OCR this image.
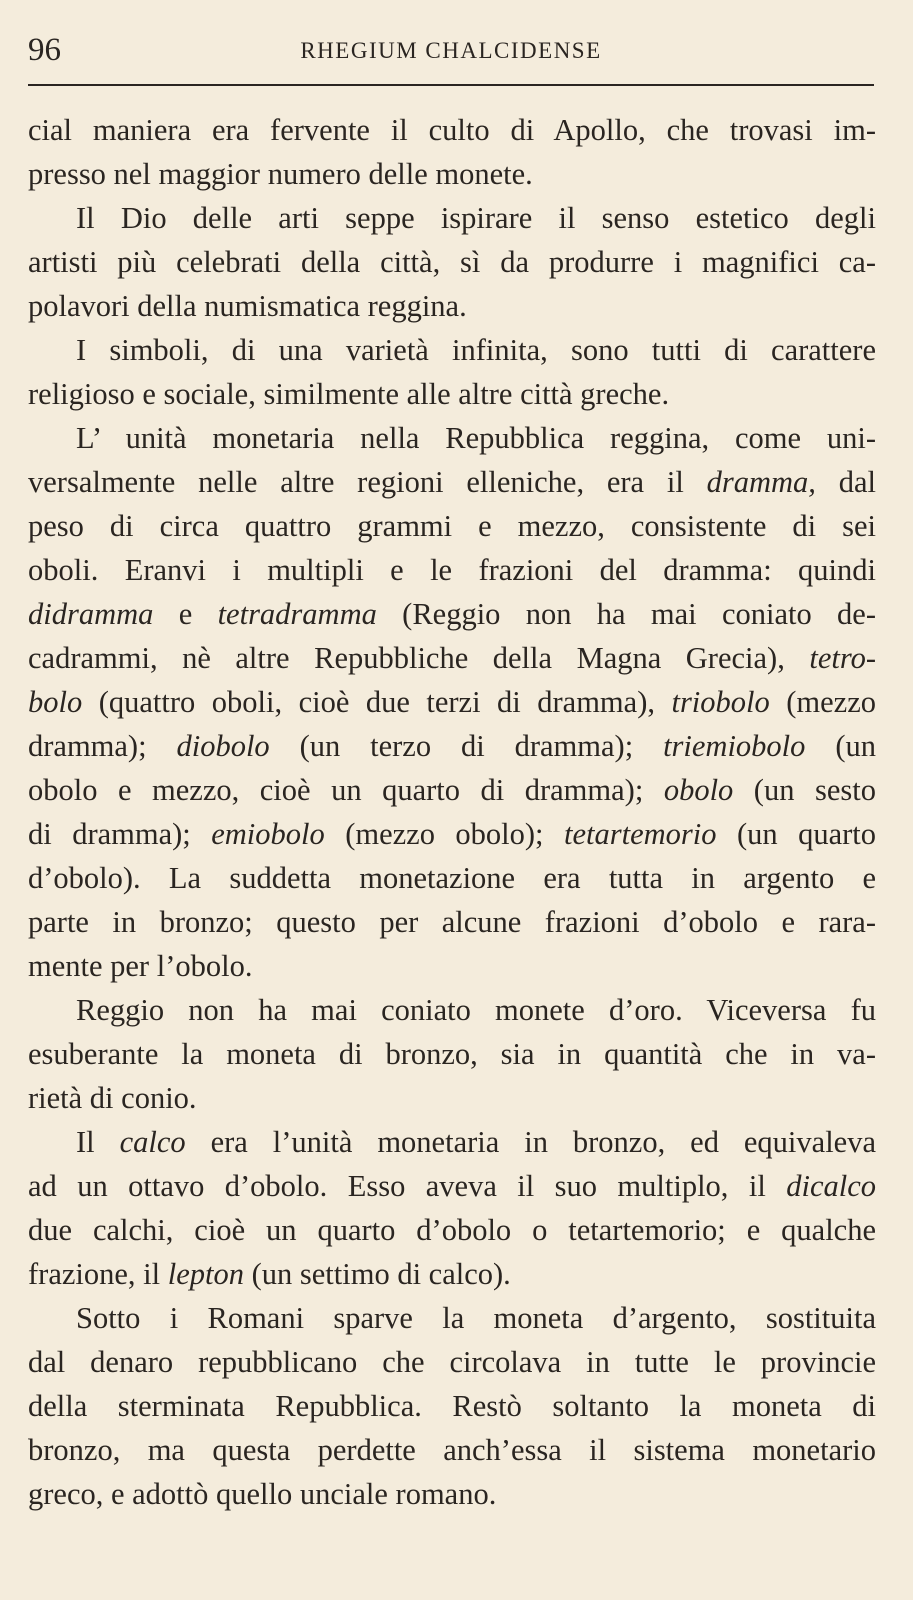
96	RHEGIUM CHALCIDENSE
cial maniera era fervente il culto di Apollo, che trovasi im-
presso nel maggior numero delle monete.
Il Dio delle arti seppe ispirare il senso estetico degli
artisti più celebrati della città, sì da produrre i magnifici ca-
polavori della numismatica reggina.
I simboli, di una varietà infinita, sono tutti di carattere
religioso e sociale, similmente alle altre città greche.
L’ unità monetaria nella Repubblica reggina, come uni-
versalmente nelle altre regioni elleniche, era il dramma, dal
peso di circa quattro grammi e mezzo, consistente di sei
oboli. Eranvi i multipli e le frazioni del dramma: quindi
didramma e tetradramma (Reggio non ha mai coniato de-
cadrammi, nè altre Repubbliche della Magna Grecia), tetro-
bolo (quattro oboli, cioè due terzi di dramma), triobolo (mezzo
dramma); diobolo (un terzo di dramma); triemiobolo (un
obolo e mezzo, cioè un quarto di dramma); obolo (un sesto
di dramma); emiobolo (mezzo obolo); tetartemorio (un quarto
d’obolo). La suddetta monetazione era tutta in argento e
parte in bronzo; questo per alcune frazioni d’obolo e rara-
mente per l’obolo.
Reggio non ha mai coniato monete d’oro. Viceversa fu
esuberante la moneta di bronzo, sia in quantità che in va-
rietà di conio.
Il calco era l’unità monetaria in bronzo, ed equivaleva
ad un ottavo d’obolo. Esso aveva il suo multiplo, il dicalco
due calchi, cioè un quarto d’obolo o tetartemorio; e qualche
frazione, il lepton (un settimo di calco).
Sotto i Romani sparve la moneta d’argento, sostituita
dal denaro repubblicano che circolava in tutte le provincie
della sterminata Repubblica. Restò soltanto la moneta di
bronzo, ma questa perdette anch’essa il sistema monetario
greco, e adottò quello unciale romano.
